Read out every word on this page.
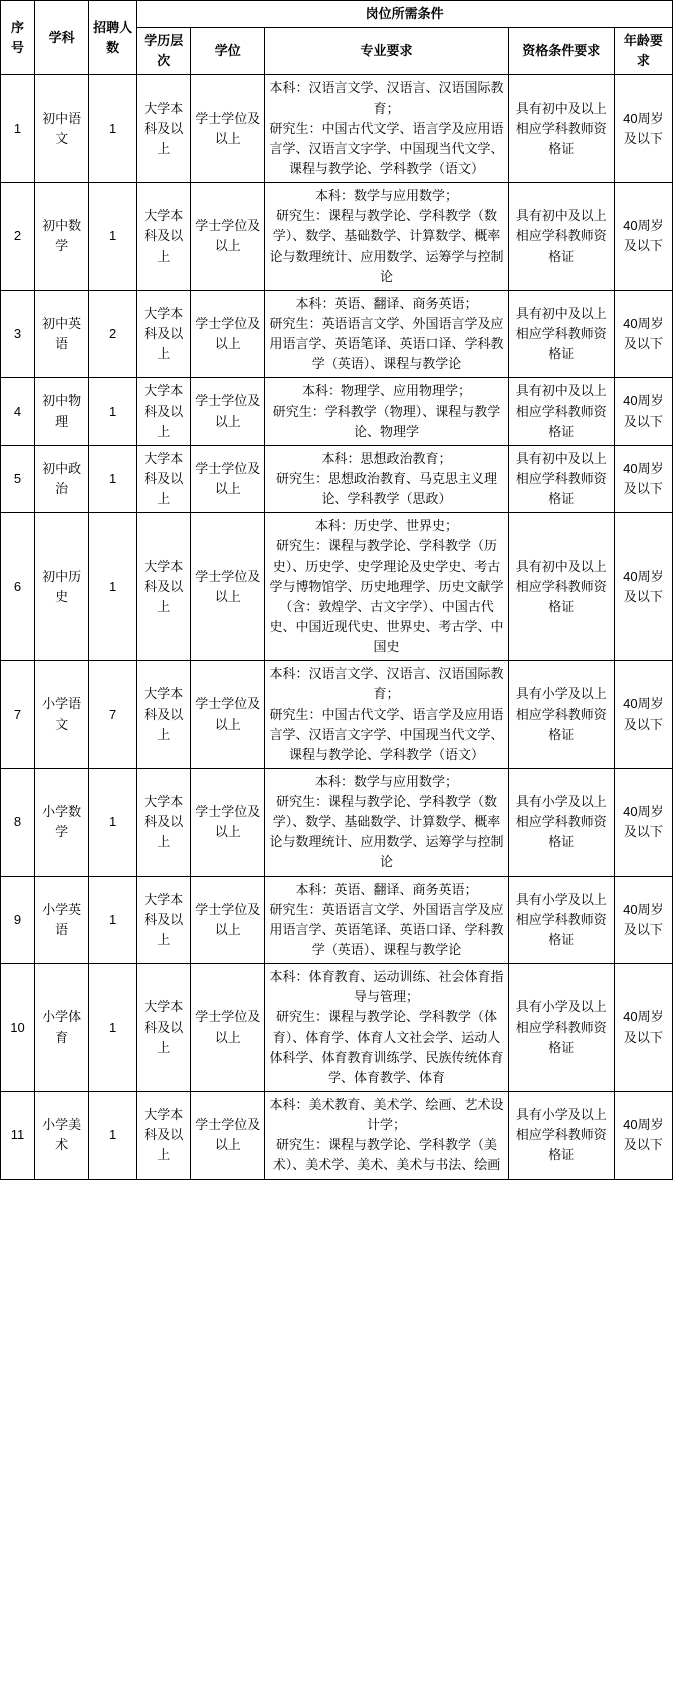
序号	学科	招聘人数	岗位所需条件				
			学历层次	学位	专业要求	资格条件要求	年龄要求
1	初中语文	1	大学本科及以上	学士学位及以上	本科：汉语言文学、汉语言、汉语国际教育；
研究生：中国古代文学、语言学及应用语言学、汉语言文字学、中国现当代文学、课程与教学论、学科教学（语文）	具有初中及以上相应学科教师资格证	40周岁及以下
2	初中数学	1	大学本科及以上	学士学位及以上	本科：数学与应用数学；
研究生：课程与教学论、学科教学（数学）、数学、基础数学、计算数学、概率论与数理统计、应用数学、运筹学与控制论	具有初中及以上相应学科教师资格证	40周岁及以下
3	初中英语	2	大学本科及以上	学士学位及以上	本科：英语、翻译、商务英语；
研究生：英语语言文学、外国语言学及应用语言学、英语笔译、英语口译、学科教学（英语）、课程与教学论	具有初中及以上相应学科教师资格证	40周岁及以下
4	初中物理	1	大学本科及以上	学士学位及以上	本科：物理学、应用物理学；
研究生：学科教学（物理）、课程与教学论、物理学	具有初中及以上相应学科教师资格证	40周岁及以下
5	初中政治	1	大学本科及以上	学士学位及以上	本科：思想政治教育；
研究生：思想政治教育、马克思主义理论、学科教学（思政）	具有初中及以上相应学科教师资格证	40周岁及以下
6	初中历史	1	大学本科及以上	学士学位及以上	本科：历史学、世界史；
研究生：课程与教学论、学科教学（历史）、历史学、史学理论及史学史、考古学与博物馆学、历史地理学、历史文献学（含：敦煌学、古文字学）、中国古代史、中国近现代史、世界史、考古学、中国史	具有初中及以上相应学科教师资格证	40周岁及以下
7	小学语文	7	大学本科及以上	学士学位及以上	本科：汉语言文学、汉语言、汉语国际教育；
研究生：中国古代文学、语言学及应用语言学、汉语言文字学、中国现当代文学、课程与教学论、学科教学（语文）	具有小学及以上相应学科教师资格证	40周岁及以下
8	小学数学	1	大学本科及以上	学士学位及以上	本科：数学与应用数学；
研究生：课程与教学论、学科教学（数学）、数学、基础数学、计算数学、概率论与数理统计、应用数学、运筹学与控制论	具有小学及以上相应学科教师资格证	40周岁及以下
9	小学英语	1	大学本科及以上	学士学位及以上	本科：英语、翻译、商务英语；
研究生：英语语言文学、外国语言学及应用语言学、英语笔译、英语口译、学科教学（英语）、课程与教学论	具有小学及以上相应学科教师资格证	40周岁及以下
10	小学体育	1	大学本科及以上	学士学位及以上	本科：体育教育、运动训练、社会体育指导与管理；
研究生：课程与教学论、学科教学（体育）、体育学、体育人文社会学、运动人体科学、体育教育训练学、民族传统体育学、体育教学、体育	具有小学及以上相应学科教师资格证	40周岁及以下
11	小学美术	1	大学本科及以上	学士学位及以上	本科：美术教育、美术学、绘画、艺术设计学；
研究生：课程与教学论、学科教学（美术）、美术学、美术、美术与书法、绘画	具有小学及以上相应学科教师资格证	40周岁及以下
